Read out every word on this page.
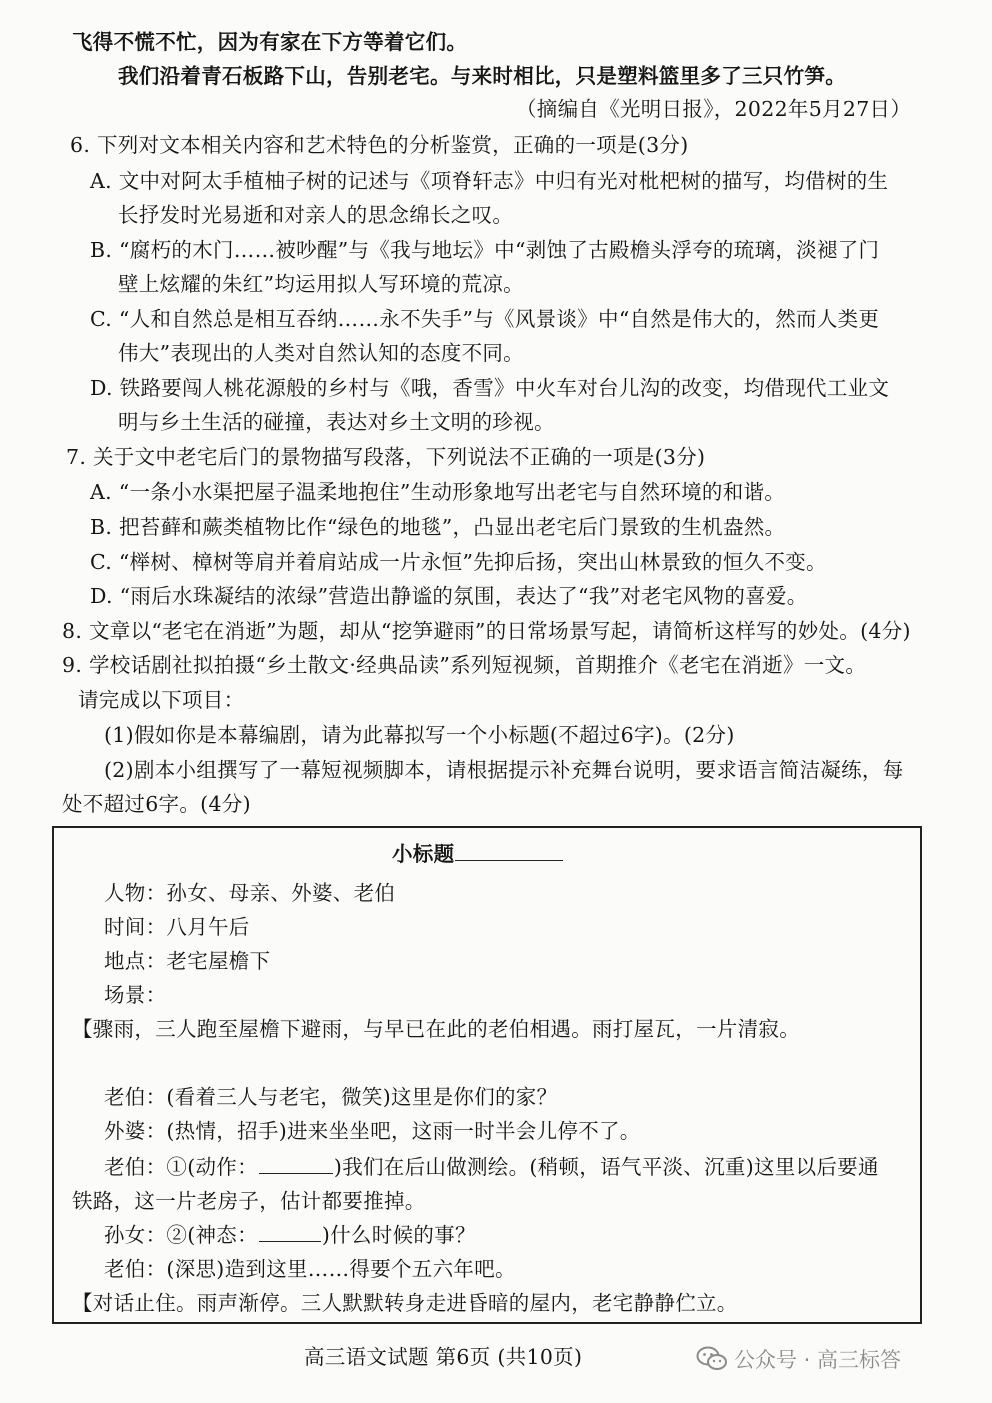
飞得不慌不忙，因为有家在下方等着它们。
我们沿着青石板路下山，告别老宅。与来时相比，只是塑料篮里多了三只竹笋。
（摘编自《光明日报》，2022年5月27日）
6. 下列对文本相关内容和艺术特色的分析鉴赏，正确的一项是(3分)
A. 文中对阿太手植柚子树的记述与《项脊轩志》中归有光对枇杷树的描写，均借树的生
长抒发时光易逝和对亲人的思念绵长之叹。
B. “腐朽的木门……被吵醒”与《我与地坛》中“剥蚀了古殿檐头浮夸的琉璃，淡褪了门
壁上炫耀的朱红”均运用拟人写环境的荒凉。
C. “人和自然总是相互吞纳……永不失手”与《风景谈》中“自然是伟大的，然而人类更
伟大”表现出的人类对自然认知的态度不同。
D. 铁路要闯人桃花源般的乡村与《哦，香雪》中火车对台儿沟的改变，均借现代工业文
明与乡土生活的碰撞，表达对乡土文明的珍视。
7. 关于文中老宅后门的景物描写段落，下列说法不正确的一项是(3分)
A. “一条小水渠把屋子温柔地抱住”生动形象地写出老宅与自然环境的和谐。
B. 把苔藓和蕨类植物比作“绿色的地毯”，凸显出老宅后门景致的生机盎然。
C. “榉树、樟树等肩并着肩站成一片永恒”先抑后扬，突出山林景致的恒久不变。
D. “雨后水珠凝结的浓绿”营造出静谧的氛围，表达了“我”对老宅风物的喜爱。
8. 文章以“老宅在消逝”为题，却从“挖笋避雨”的日常场景写起，请简析这样写的妙处。(4分)
9. 学校话剧社拟拍摄“乡土散文·经典品读”系列短视频，首期推介《老宅在消逝》一文。
请完成以下项目：
(1)假如你是本幕编剧，请为此幕拟写一个小标题(不超过6字)。(2分)
(2)剧本小组撰写了一幕短视频脚本，请根据提示补充舞台说明，要求语言简洁凝练，每
处不超过6字。(4分)
小标题
人物：孙女、母亲、外婆、老伯
时间：八月午后
地点：老宅屋檐下
场景：
【骤雨，三人跑至屋檐下避雨，与早已在此的老伯相遇。雨打屋瓦，一片清寂。
老伯：(看着三人与老宅，微笑)这里是你们的家？
外婆：(热情，招手)进来坐坐吧，这雨一时半会儿停不了。
老伯：①(动作：	)我们在后山做测绘。(稍顿，语气平淡、沉重)这里以后要通
铁路，这一片老房子，估计都要推掉。
孙女：②(神态：	)什么时候的事？
老伯：(深思)造到这里……得要个五六年吧。
【对话止住。雨声渐停。三人默默转身走进昏暗的屋内，老宅静静伫立。
高三语文试题 第6页 (共10页)	公众号 · 高三标答
